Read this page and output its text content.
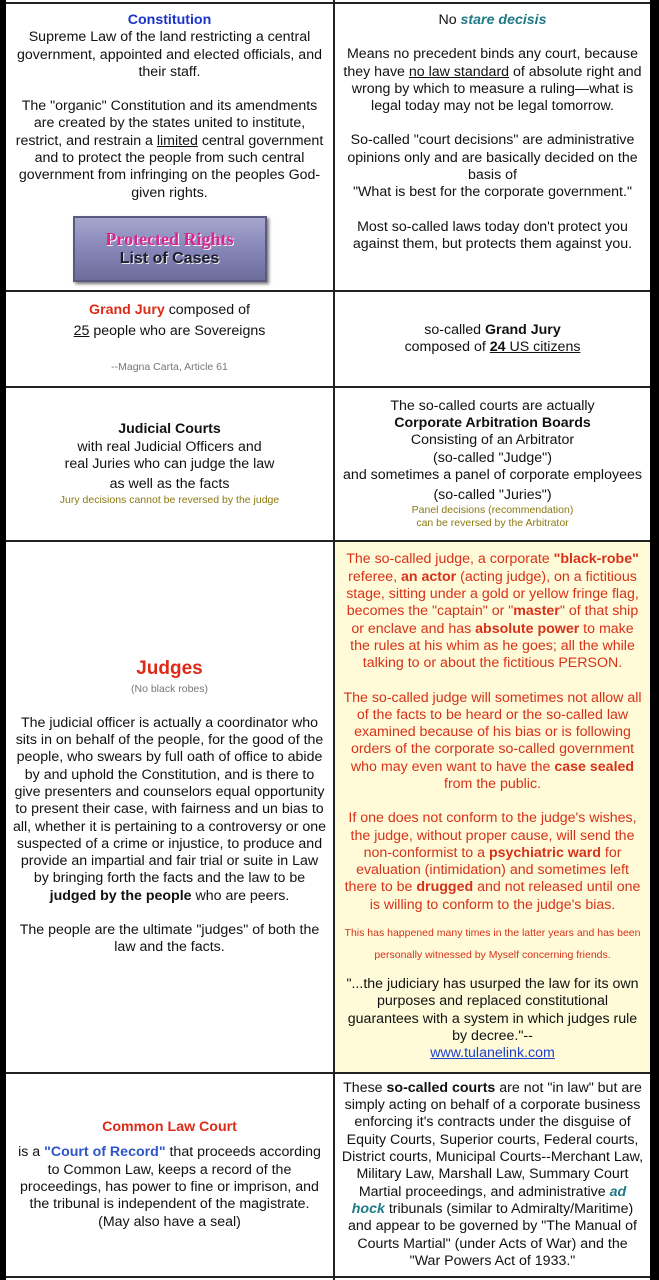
Constitution

Supreme Law of the land restricting a central government, appointed and elected officials, and their staff.

The "organic" Constitution and its amendments are created by the states united to institute, restrict, and restrain a limited central government and to protect the people from such central government from infringing on the peoples God-given rights.

Protected Rights
List of Cases

No stare decisis

Means no precedent binds any court, because they have no law standard of absolute right and wrong by which to measure a ruling—what is legal today may not be legal tomorrow.

So-called "court decisions" are administrative opinions only and are basically decided on the basis of

"What is best for the corporate government."

Most so-called laws today don't protect you against them, but protects them against you.

Grand Jury composed of

25 people who are Sovereigns

--Magna Carta, Article 61

so-called Grand Jury

composed of 24 US citizens

Judicial Courts

with real Judicial Officers and

real Juries who can judge the law

as well as the facts

Jury decisions cannot be reversed by the judge

The so-called courts are actually

Corporate Arbitration Boards

Consisting of an Arbitrator

(so-called "Judge")

and sometimes a panel of corporate employees

(so-called "Juries")

Panel decisions (recommendation)

can be reversed by the Arbitrator

Judges

(No black robes)

The judicial officer is actually a coordinator who sits in on behalf of the people, for the good of the people, who swears by full oath of office to abide by and uphold the Constitution, and is there to give presenters and counselors equal opportunity to present their case, with fairness and un bias to all, whether it is pertaining to a controversy or one suspected of a crime or injustice, to produce and provide an impartial and fair trial or suite in Law by bringing forth the facts and the law to be judged by the people who are peers.

The people are the ultimate "judges" of both the law and the facts.

The so-called judge, a corporate "black-robe" referee, an actor (acting judge), on a fictitious stage, sitting under a gold or yellow fringe flag, becomes the "captain" or "master" of that ship or enclave and has absolute power to make the rules at his whim as he goes; all the while talking to or about the fictitious PERSON.

The so-called judge will sometimes not allow all of the facts to be heard or the so-called law examined because of his bias or is following orders of the corporate so-called government who may even want to have the case sealed from the public.

If one does not conform to the judge's wishes, the judge, without proper cause, will send the non-conformist to a psychiatric ward for evaluation (intimidation) and sometimes left there to be drugged and not released until one is willing to conform to the judge's bias.

This has happened many times in the latter years and has been

personally witnessed by Myself concerning friends.

"...the judiciary has usurped the law for its own purposes and replaced constitutional guarantees with a system in which judges rule by decree."--

www.tulanelink.com

Common Law Court

is a "Court of Record" that proceeds according to Common Law, keeps a record of the proceedings, has power to fine or imprison, and the tribunal is independent of the magistrate.

(May also have a seal)

These so-called courts are not "in law" but are simply acting on behalf of a corporate business enforcing it's contracts under the disguise of Equity Courts, Superior courts, Federal courts, District courts, Municipal Courts--Merchant Law, Military Law, Marshall Law, Summary Court Martial proceedings, and administrative ad hock tribunals (similar to Admiralty/Maritime) and appear to be governed by "The Manual of Courts Martial" (under Acts of War) and the "War Powers Act of 1933."
